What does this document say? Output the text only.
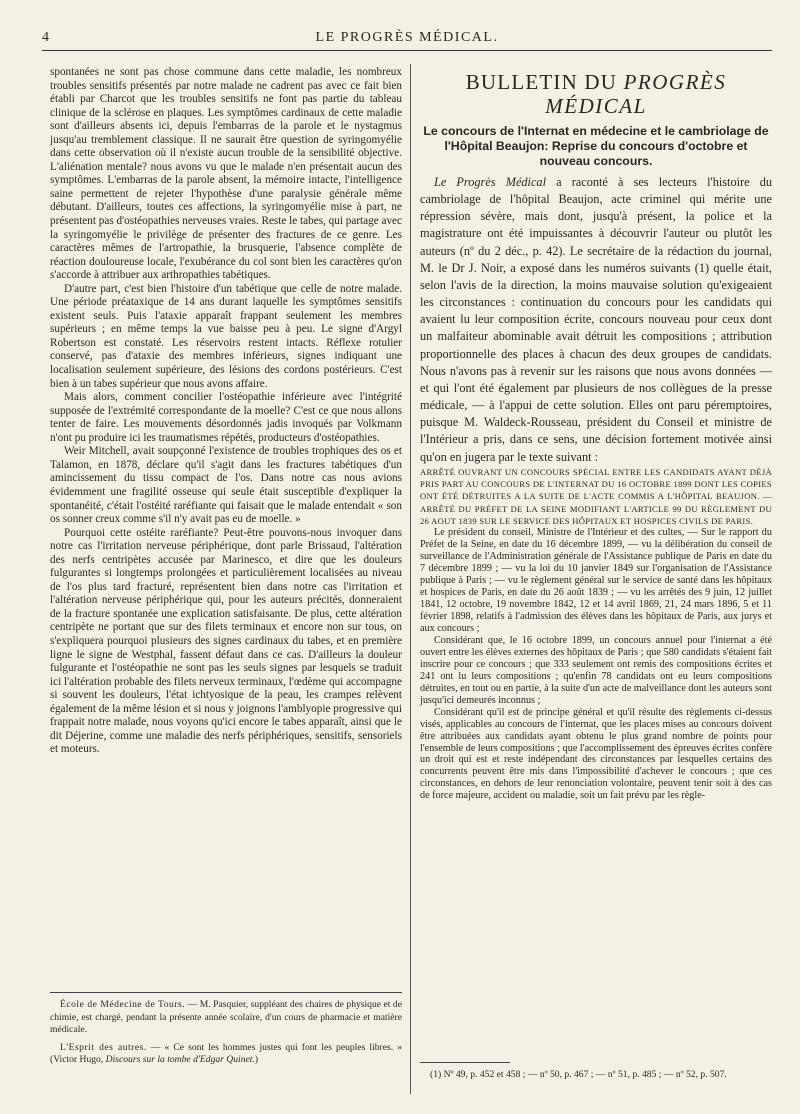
4	LE PROGRÈS MÉDICAL.

spontanées ne sont pas chose commune dans cette maladie, les nombreux troubles sensitifs présentés par notre malade ne cadrent pas avec ce fait bien établi par Charcot que les troubles sensitifs ne font pas partie du tableau clinique de la sclérose en plaques. Les symptômes cardinaux de cette maladie sont d'ailleurs absents ici, depuis l'embarras de la parole et le nystagmus jusqu'au tremblement classique. Il ne saurait être question de syringomyélie dans cette observation où il n'existe aucun trouble de la sensibilité objective. L'aliénation mentale? nous avons vu que le malade n'en présentait aucun des symptômes. L'embarras de la parole absent, la mémoire intacte, l'intelligence saine permettent de rejeter l'hypothèse d'une paralysie générale même débutant. D'ailleurs, toutes ces affections, la syringomyélie mise à part, ne présentent pas d'ostéopathies nerveuses vraies. Reste le tabes, qui partage avec la syringomyélie le privilège de présenter des fractures de ce genre. Les caractères mêmes de l'artropathie, la brusquerie, l'absence complète de réaction douloureuse locale, l'exubérance du col sont bien les caractères qu'on s'accorde à attribuer aux arthropathies tabétiques.

D'autre part, c'est bien l'histoire d'un tabétique que celle de notre malade. Une période préataxique de 14 ans durant laquelle les symptômes sensitifs existent seuls. Puis l'ataxie apparaît frappant seulement les membres supérieurs ; en même temps la vue baisse peu à peu. Le signe d'Argyl Robertson est constaté. Les réservoirs restent intacts. Réflexe rotulier conservé, pas d'ataxie des membres inférieurs, signes indiquant une localisation seulement supérieure, des lésions des cordons postérieurs. C'est bien à un tabes supérieur que nous avons affaire.

Mais alors, comment concilier l'ostéopathie inférieure avec l'intégrité supposée de l'extrémité correspondante de la moelle? C'est ce que nous allons tenter de faire. Les mouvements désordonnés jadis invoqués par Volkmann n'ont pu produire ici les traumatismes répétés, producteurs d'ostéopathies.

Weir Mitchell, avait soupçonné l'existence de troubles trophiques des os et Talamon, en 1878, déclare qu'il s'agit dans les fractures tabétiques d'un amincissement du tissu compact de l'os. Dans notre cas nous avions évidemment une fragilité osseuse qui seule était susceptible d'expliquer la spontanéité, c'était l'ostéité raréfiante qui faisait que le malade entendait « son os sonner creux comme s'il n'y avait pas eu de moelle. »

Pourquoi cette ostéite raréfiante? Peut-être pouvons-nous invoquer dans notre cas l'irritation nerveuse périphérique, dont parle Brissaud, l'altération des nerfs centripètes accusée par Marinesco, et dire que les douleurs fulgurantes si longtemps prolongées et particulièrement localisées au niveau de l'os plus tard fracturé, représentent bien dans notre cas l'irritation et l'altération nerveuse périphérique qui, pour les auteurs précités, donneraient de la fracture spontanée une explication satisfaisante. De plus, cette altération centripète ne portant que sur des filets terminaux et encore non sur tous, on s'expliquera pourquoi plusieurs des signes cardinaux du tabes, et en première ligne le signe de Westphal, fassent défaut dans ce cas. D'ailleurs la douleur fulgurante et l'ostéopathie ne sont pas les seuls signes par lesquels se traduit ici l'altération probable des filets nerveux terminaux, l'œdème qui accompagne si souvent les douleurs, l'état ichtyosique de la peau, les crampes relèvent également de la même lésion et si nous y joignons l'amblyopie progressive qui frappait notre malade, nous voyons qu'ici encore le tabes apparaît, ainsi que le dit Déjerine, comme une maladie des nerfs périphériques, sensitifs, sensoriels et moteurs.

École de Médecine de Tours. — M. Pasquier, suppléant des chaires de physique et de chimie, est chargé, pendant la présente année scolaire, d'un cours de pharmacie et matière médicale.

L'Esprit des autres. — « Ce sont les hommes justes qui font les peuples libres. » (Victor Hugo, Discours sur la tombe d'Edgar Quinet.)

BULLETIN DU PROGRÈS MÉDICAL
Le concours de l'Internat en médecine et le cambriolage de l'Hôpital Beaujon: Reprise du concours d'octobre et nouveau concours.

Le Progrès Médical a raconté à ses lecteurs l'histoire du cambriolage de l'hôpital Beaujon, acte criminel qui mérite une répression sévère, mais dont, jusqu'à présent, la police et la magistrature ont été impuissantes à découvrir l'auteur ou plutôt les auteurs (nº du 2 déc., p. 42). Le secrétaire de la rédaction du journal, M. le Dr J. Noir, a exposé dans les numéros suivants (1) quelle était, selon l'avis de la direction, la moins mauvaise solution qu'exigeaient les circonstances : continuation du concours pour les candidats qui avaient lu leur composition écrite, concours nouveau pour ceux dont un malfaiteur abominable avait détruit les compositions ; attribution proportionnelle des places à chacun des deux groupes de candidats. Nous n'avons pas à revenir sur les raisons que nous avons données — et qui l'ont été également par plusieurs de nos collègues de la presse médicale, — à l'appui de cette solution. Elles ont paru péremptoires, puisque M. Waldeck-Rousseau, président du Conseil et ministre de l'Intérieur a pris, dans ce sens, une décision fortement motivée ainsi qu'on en jugera par le texte suivant :

ARRÊTÉ OUVRANT UN CONCOURS SPÉCIAL ENTRE LES CANDIDATS AYANT DÉJÀ PRIS PART AU CONCOURS DE L'INTERNAT DU 16 OCTOBRE 1899 DONT LES COPIES ONT ÉTÉ DÉTRUITES A LA SUITE DE L'ACTE COMMIS A L'HÔPITAL BEAUJON. — ARRÊTÉ DU PRÉFET DE LA SEINE MODIFIANT L'ARTICLE 99 DU RÈGLEMENT DU 26 AOUT 1839 SUR LE SERVICE DES HÔPITAUX ET HOSPICES CIVILS DE PARIS.

Le président du conseil, Ministre de l'Intérieur et des cultes, — Sur le rapport du Préfet de la Seine, en date du 16 décembre 1899, — vu la délibération du conseil de surveillance de l'Administration générale de l'Assistance publique de Paris en date du 7 décembre 1899 ; — vu la loi du 10 janvier 1849 sur l'organisation de l'Assistance publique à Paris ; — vu le règlement général sur le service de santé dans les hôpitaux et hospices de Paris, en date du 26 août 1839 ; — vu les arrêtés des 9 juin, 12 juillet 1841, 12 octobre, 19 novembre 1842, 12 et 14 avril 1869, 21, 24 mars 1896, 5 et 11 février 1898, relatifs à l'admission des élèves dans les hôpitaux de Paris, aux jurys et aux concours ;

Considérant que, le 16 octobre 1899, un concours annuel pour l'internat a été ouvert entre les élèves externes des hôpitaux de Paris ; que 580 candidats s'étaient fait inscrire pour ce concours ; que 333 seulement ont remis des compositions écrites et 241 ont lu leurs compositions ; qu'enfin 78 candidats ont eu leurs compositions détruites, en tout ou en partie, à la suite d'un acte de malveillance dont les auteurs sont jusqu'ici demeurés inconnus ;

Considérant qu'il est de principe général et qu'il résulte des règlements ci-dessus visés, applicables au concours de l'internat, que les places mises au concours doivent être attribuées aux candidats ayant obtenu le plus grand nombre de points pour l'ensemble de leurs compositions ; que l'accomplissement des épreuves écrites confère un droit qui est et reste indépendant des circonstances par lesquelles certains des concurrents peuvent être mis dans l'impossibilité d'achever le concours ; que ces circonstances, en dehors de leur renonciation volontaire, peuvent tenir soit à des cas de force majeure, accident ou maladie, soit un fait prévu par les règle-

(1) Nº 49, p. 452 et 458 ; — nº 50, p. 467 ; — nº 51, p. 485 ; — nº 52, p. 507.
